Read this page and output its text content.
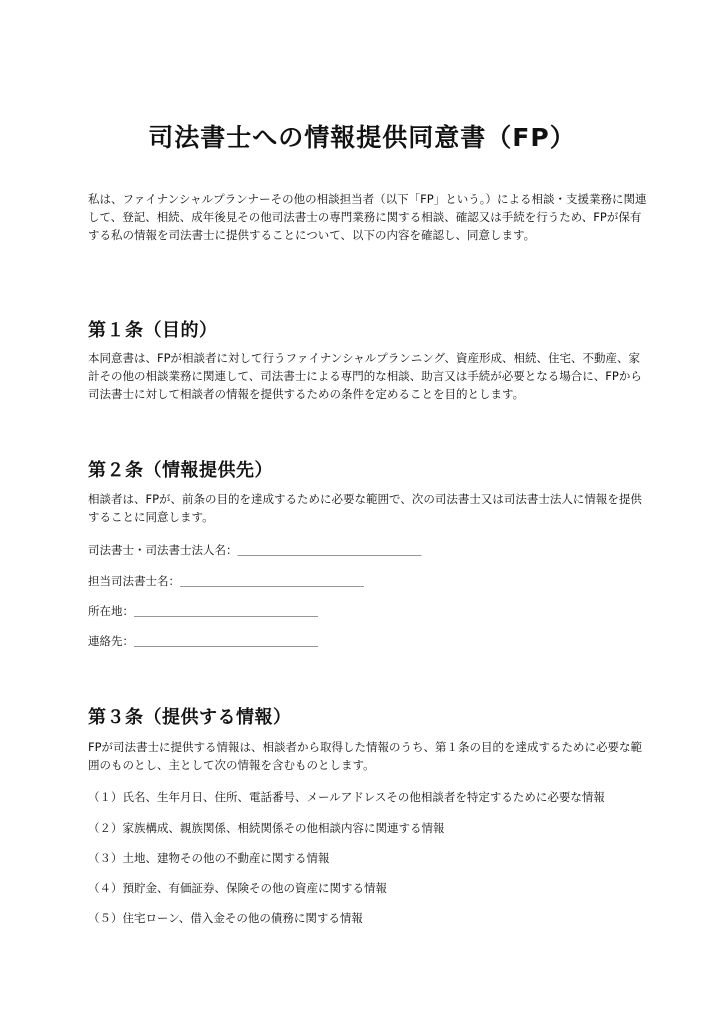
司法書士への情報提供同意書（FP）
私は、ファイナンシャルプランナーその他の相談担当者（以下「FP」という。）による相談・支援業務に関連して、登記、相続、成年後見その他司法書士の専門業務に関する相談、確認又は手続を行うため、FPが保有する私の情報を司法書士に提供することについて、以下の内容を確認し、同意します。
第１条（目的）
本同意書は、FPが相談者に対して行うファイナンシャルプランニング、資産形成、相続、住宅、不動産、家計その他の相談業務に関連して、司法書士による専門的な相談、助言又は手続が必要となる場合に、FPから司法書士に対して相談者の情報を提供するための条件を定めることを目的とします。
第２条（情報提供先）
相談者は、FPが、前条の目的を達成するために必要な範囲で、次の司法書士又は司法書士法人に情報を提供することに同意します。
司法書士・司法書士法人名：＿＿＿＿＿＿＿＿＿＿＿＿＿＿＿＿
担当司法書士名：＿＿＿＿＿＿＿＿＿＿＿＿＿＿＿＿
所在地：＿＿＿＿＿＿＿＿＿＿＿＿＿＿＿＿
連絡先：＿＿＿＿＿＿＿＿＿＿＿＿＿＿＿＿
第３条（提供する情報）
FPが司法書士に提供する情報は、相談者から取得した情報のうち、第１条の目的を達成するために必要な範囲のものとし、主として次の情報を含むものとします。
（１）氏名、生年月日、住所、電話番号、メールアドレスその他相談者を特定するために必要な情報
（２）家族構成、親族関係、相続関係その他相談内容に関連する情報
（３）土地、建物その他の不動産に関する情報
（４）預貯金、有価証券、保険その他の資産に関する情報
（５）住宅ローン、借入金その他の債務に関する情報
